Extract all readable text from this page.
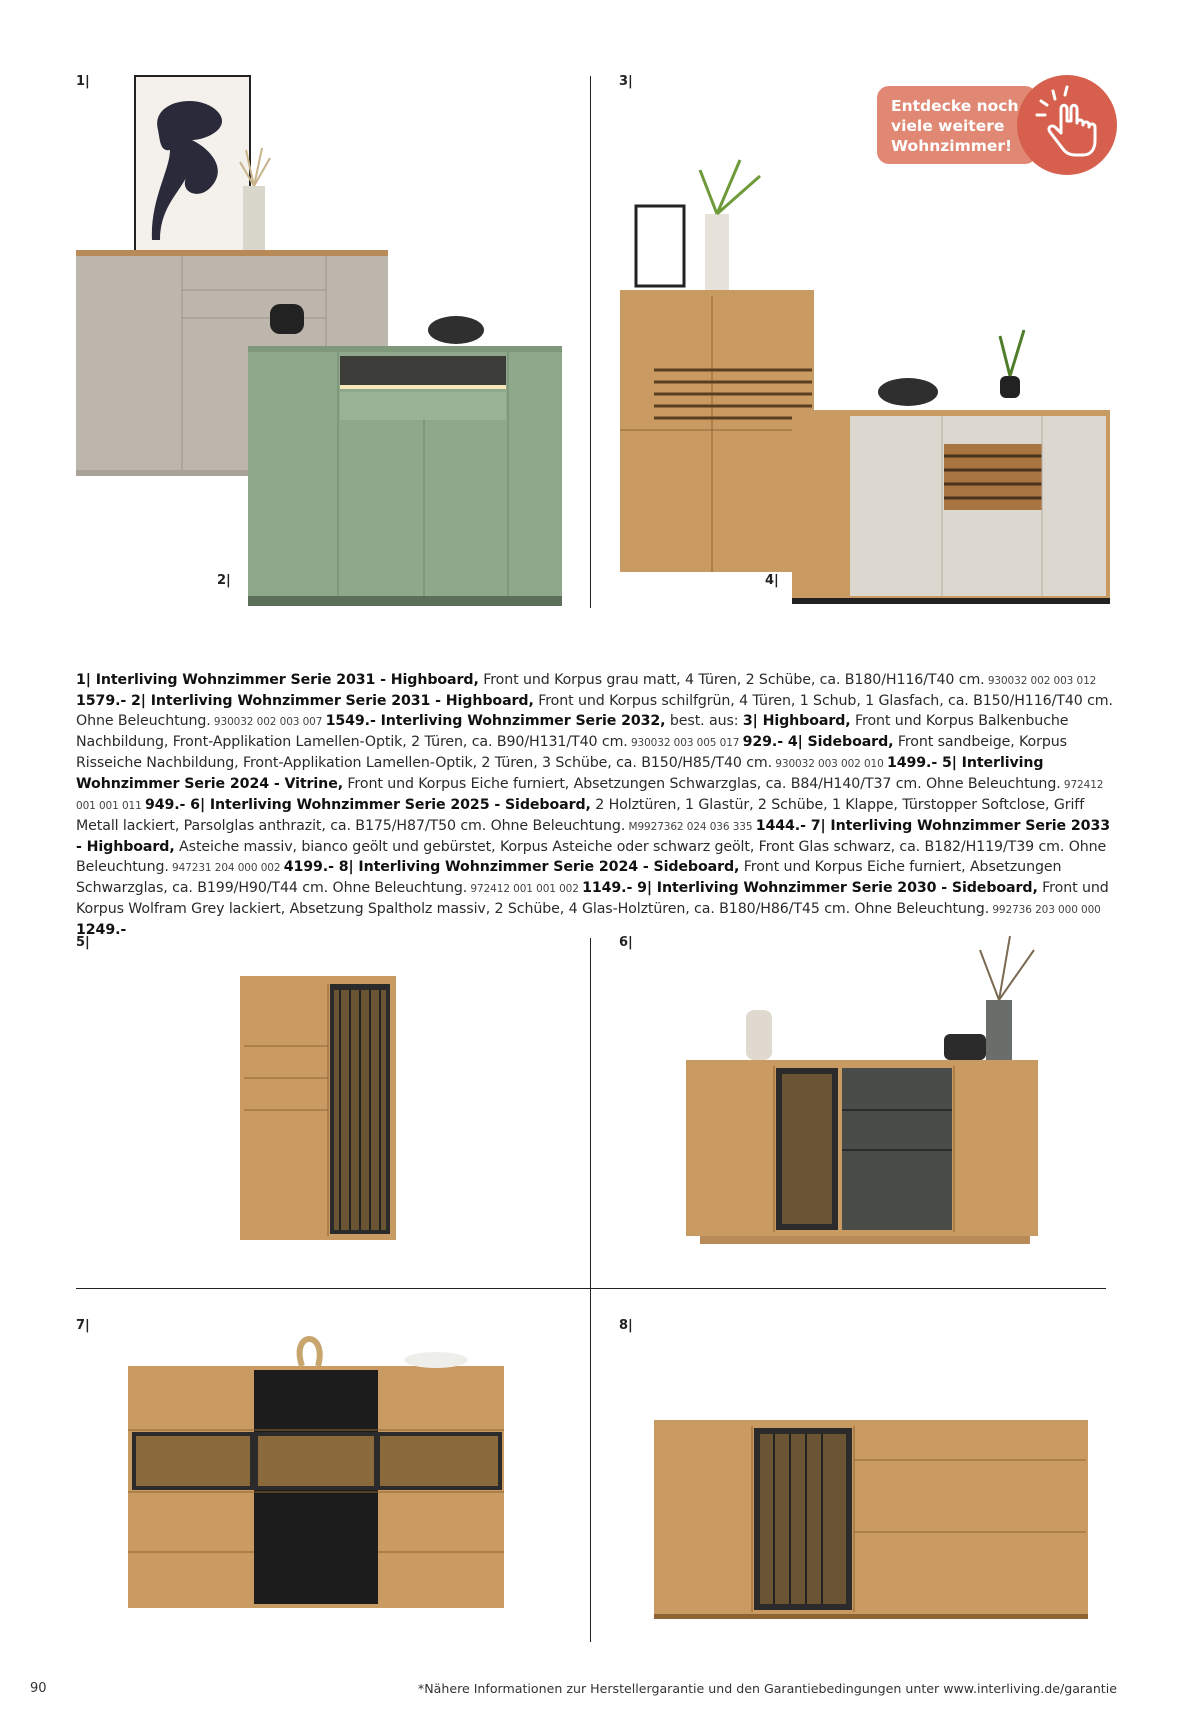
1|
2|
3|
4|
5|	6|
7|	8|
Entdecke noch
viele weitere
Wohnzimmer!
1| Interliving Wohnzimmer Serie 2031 - Highboard, Front und Korpus grau matt, 4 Türen, 2 Schübe, ca. B180/H116/T40 cm. 930032 002 003 012 1579.- 2| Interliving Wohnzimmer Serie 2031 - Highboard, Front und Korpus schilfgrün, 4 Türen, 1 Schub, 1 Glasfach, ca. B150/H116/T40 cm. Ohne Beleuchtung. 930032 002 003 007 1549.- Interliving Wohnzimmer Serie 2032, best. aus: 3| Highboard, Front und Korpus Balkenbuche Nachbildung, Front-Applikation Lamellen-Optik, 2 Türen, ca. B90/H131/T40 cm. 930032 003 005 017 929.- 4| Sideboard, Front sandbeige, Korpus Risseiche Nachbildung, Front-Applikation Lamellen-Optik, 2 Türen, 3 Schübe, ca. B150/H85/T40 cm. 930032 003 002 010 1499.- 5| Interliving Wohnzimmer Serie 2024 - Vitrine, Front und Korpus Eiche furniert, Absetzungen Schwarzglas, ca. B84/H140/T37 cm. Ohne Beleuchtung. 972412 001 001 011 949.- 6| Interliving Wohnzimmer Serie 2025 - Sideboard, 2 Holztüren, 1 Glastür, 2 Schübe, 1 Klappe, Türstopper Softclose, Griff Metall lackiert, Parsolglas anthrazit, ca. B175/H87/T50 cm. Ohne Beleuchtung. M9927362 024 036 335 1444.- 7| Interliving Wohnzimmer Serie 2033 - Highboard, Asteiche massiv, bianco geölt und gebürstet, Korpus Asteiche oder schwarz geölt, Front Glas schwarz, ca. B182/H119/T39 cm. Ohne Beleuchtung. 947231 204 000 002 4199.- 8| Interliving Wohnzimmer Serie 2024 - Sideboard, Front und Korpus Eiche furniert, Absetzungen Schwarzglas, ca. B199/H90/T44 cm. Ohne Beleuchtung. 972412 001 001 002 1149.- 9| Interliving Wohnzimmer Serie 2030 - Sideboard, Front und Korpus Wolfram Grey lackiert, Absetzung Spaltholz massiv, 2 Schübe, 4 Glas-Holztüren, ca. B180/H86/T45 cm. Ohne Beleuchtung. 992736 203 000 000 1249.-
90	*Nähere Informationen zur Herstellergarantie und den Garantiebedingungen unter www.interliving.de/garantie
